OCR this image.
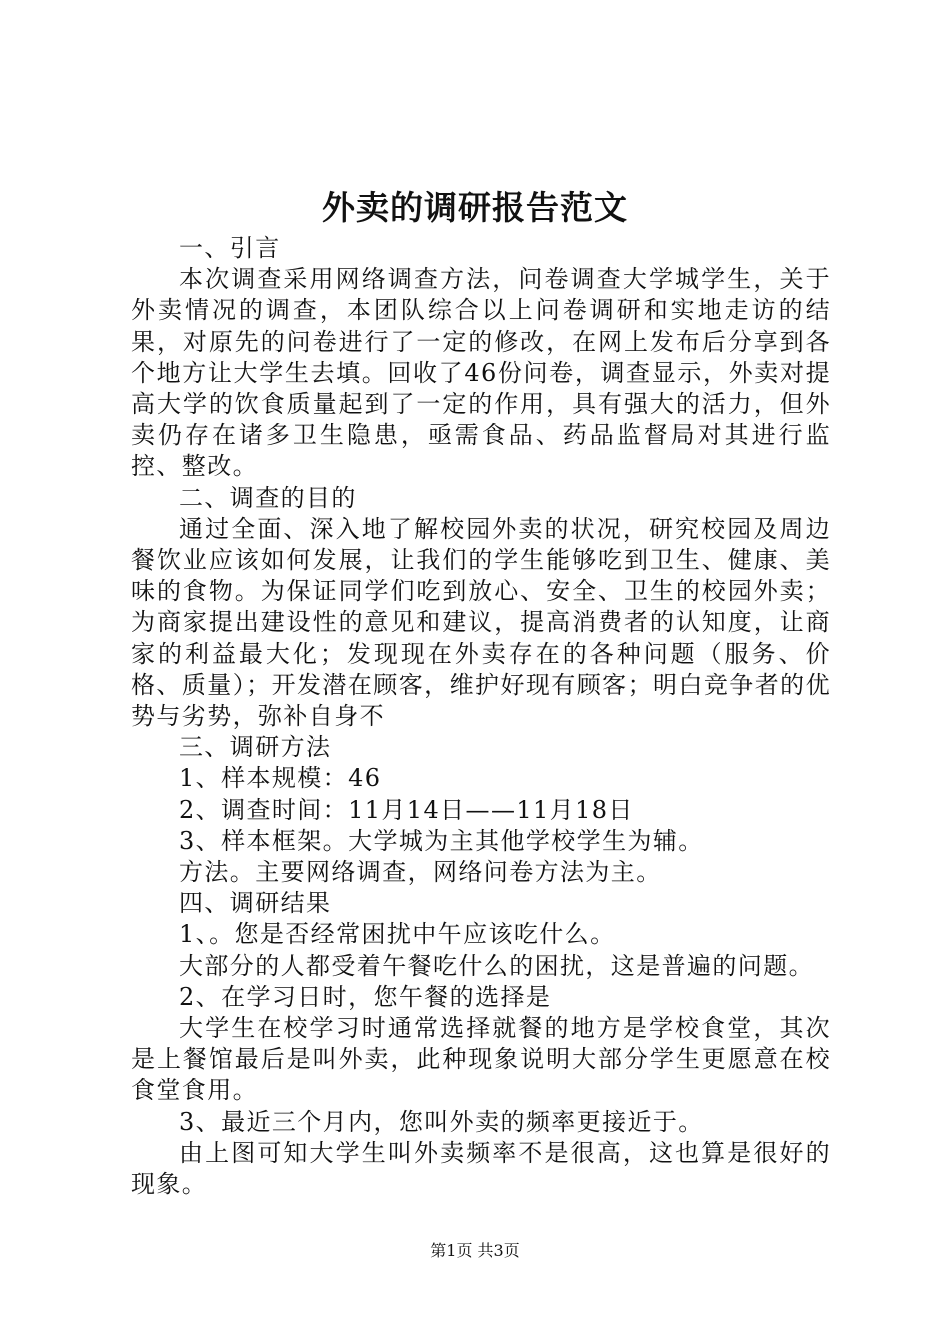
外卖的调研报告范文

一、引言

本次调查采用网络调查方法，问卷调查大学城学生，关于外卖情况的调查，本团队综合以上问卷调研和实地走访的结果，对原先的问卷进行了一定的修改，在网上发布后分享到各个地方让大学生去填。回收了46份问卷，调查显示，外卖对提高大学的饮食质量起到了一定的作用，具有强大的活力，但外卖仍存在诸多卫生隐患，亟需食品、药品监督局对其进行监控、整改。

二、调查的目的

通过全面、深入地了解校园外卖的状况，研究校园及周边餐饮业应该如何发展，让我们的学生能够吃到卫生、健康、美味的食物。为保证同学们吃到放心、安全、卫生的校园外卖；为商家提出建设性的意见和建议，提高消费者的认知度，让商家的利益最大化；发现现在外卖存在的各种问题（服务、价格、质量）；开发潜在顾客，维护好现有顾客；明白竞争者的优势与劣势，弥补自身不

三、调研方法

1、样本规模：46

2、调查时间：11月14日——11月18日

3、样本框架。大学城为主其他学校学生为辅。

方法。主要网络调查，网络问卷方法为主。

四、调研结果

1、。您是否经常困扰中午应该吃什么。

大部分的人都受着午餐吃什么的困扰，这是普遍的问题。

2、在学习日时，您午餐的选择是

大学生在校学习时通常选择就餐的地方是学校食堂，其次是上餐馆最后是叫外卖，此种现象说明大部分学生更愿意在校食堂食用。

3、最近三个月内，您叫外卖的频率更接近于。

由上图可知大学生叫外卖频率不是很高，这也算是很好的现象。

第1页 共3页
